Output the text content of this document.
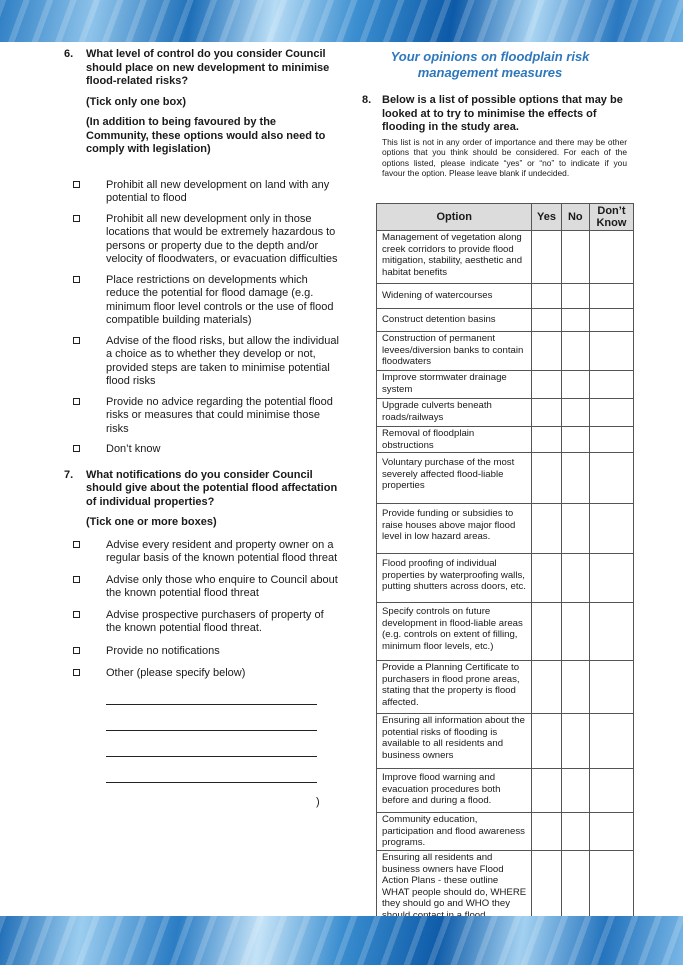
6.	What level of control do you consider Council should place on new development to minimise flood-related risks?
(Tick only one box)
(In addition to being favoured by the Community, these options would also need to comply with legislation)
Prohibit all new development on land with any potential to flood
Prohibit all new development only in those locations that would be extremely hazardous to persons or property due to the depth and/or velocity of floodwaters, or evacuation difficulties
Place restrictions on developments which reduce the potential for flood damage (e.g. minimum floor level controls or the use of flood compatible building materials)
Advise of the flood risks, but allow the individual a choice as to whether they develop or not, provided steps are taken to minimise potential flood risks
Provide no advice regarding the potential flood risks or measures that could minimise those risks
Don’t know
7.	What notifications do you consider Council should give about the potential flood affectation of individual properties?
(Tick one or more boxes)
Advise every resident and property owner on a regular basis of the known potential flood threat
Advise only those who enquire to Council about the known potential flood threat
Advise prospective purchasers of property of the known potential flood threat.
Provide no notifications
Other (please specify below)
)
Your opinions on floodplain risk management measures
8. Below is a list of possible options that may be looked at to try to minimise the effects of flooding in the study area.
This list is not in any order of importance and there may be other options that you think should be considered. For each of the options listed, please indicate “yes” or “no” to indicate if you favour the option. Please leave blank if undecided.
Option	Yes	No	Don’t Know
Management of vegetation along creek corridors to provide flood mitigation, stability, aesthetic and habitat benefits			
Widening of watercourses			
Construct detention basins			
Construction of permanent levees/diversion banks to contain floodwaters			
Improve stormwater drainage system			
Upgrade culverts beneath roads/railways			
Removal of floodplain obstructions			
Voluntary purchase of the most severely affected flood-liable properties			
Provide funding or subsidies to raise houses above major flood level in low hazard areas.			
Flood proofing of individual properties by waterproofing walls, putting shutters across doors, etc.			
Specify controls on future development in flood-liable areas (e.g. controls on extent of filling, minimum floor levels, etc.)			
Provide a Planning Certificate to purchasers in flood prone areas, stating that the property is flood affected.			
Ensuring all information about the potential risks of flooding is available to all residents and business owners			
Improve flood warning and evacuation procedures both before and during a flood.			
Community education, participation and flood awareness programs.			
Ensuring all residents and business owners have Flood Action Plans - these outline WHAT people should do, WHERE they should go and WHO they			
